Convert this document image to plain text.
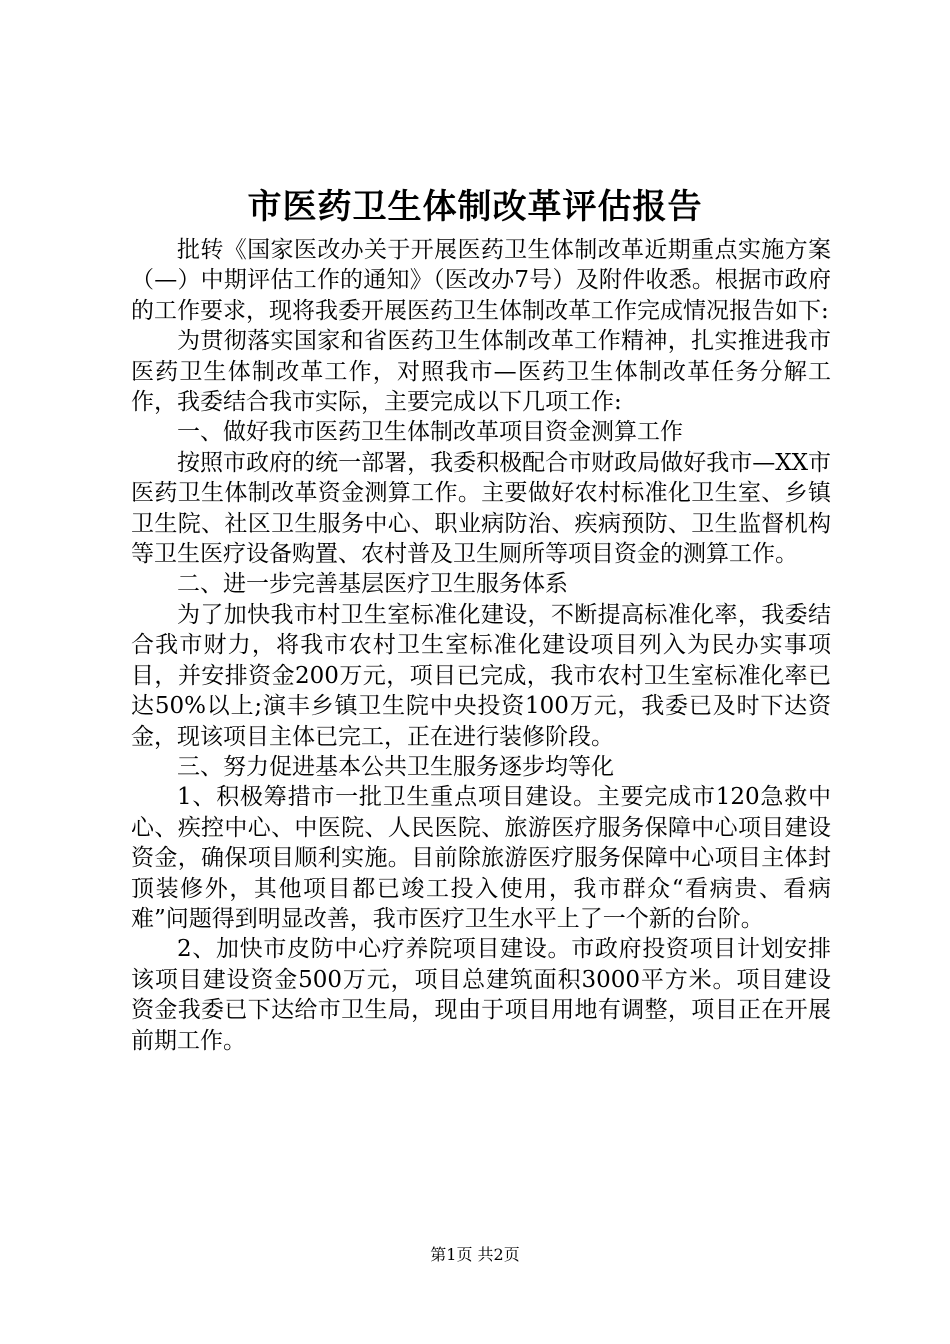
市医药卫生体制改革评估报告

批转《国家医改办关于开展医药卫生体制改革近期重点实施方案（—）中期评估工作的通知》（医改办7号）及附件收悉。根据市政府的工作要求，现将我委开展医药卫生体制改革工作完成情况报告如下:

为贯彻落实国家和省医药卫生体制改革工作精神，扎实推进我市医药卫生体制改革工作，对照我市—医药卫生体制改革任务分解工作，我委结合我市实际，主要完成以下几项工作:

一、做好我市医药卫生体制改革项目资金测算工作

按照市政府的统一部署，我委积极配合市财政局做好我市—XX市医药卫生体制改革资金测算工作。主要做好农村标准化卫生室、乡镇卫生院、社区卫生服务中心、职业病防治、疾病预防、卫生监督机构等卫生医疗设备购置、农村普及卫生厕所等项目资金的测算工作。

二、进一步完善基层医疗卫生服务体系

为了加快我市村卫生室标准化建设，不断提高标准化率，我委结合我市财力，将我市农村卫生室标准化建设项目列入为民办实事项目，并安排资金200万元，项目已完成，我市农村卫生室标准化率已达50%以上;演丰乡镇卫生院中央投资100万元，我委已及时下达资金，现该项目主体已完工，正在进行装修阶段。

三、努力促进基本公共卫生服务逐步均等化

1、积极筹措市一批卫生重点项目建设。主要完成市120急救中心、疾控中心、中医院、人民医院、旅游医疗服务保障中心项目建设资金，确保项目顺利实施。目前除旅游医疗服务保障中心项目主体封顶装修外，其他项目都已竣工投入使用，我市群众“看病贵、看病难”问题得到明显改善，我市医疗卫生水平上了一个新的台阶。

2、加快市皮防中心疗养院项目建设。市政府投资项目计划安排该项目建设资金500万元，项目总建筑面积3000平方米。项目建设资金我委已下达给市卫生局，现由于项目用地有调整，项目正在开展前期工作。

第1页 共2页
